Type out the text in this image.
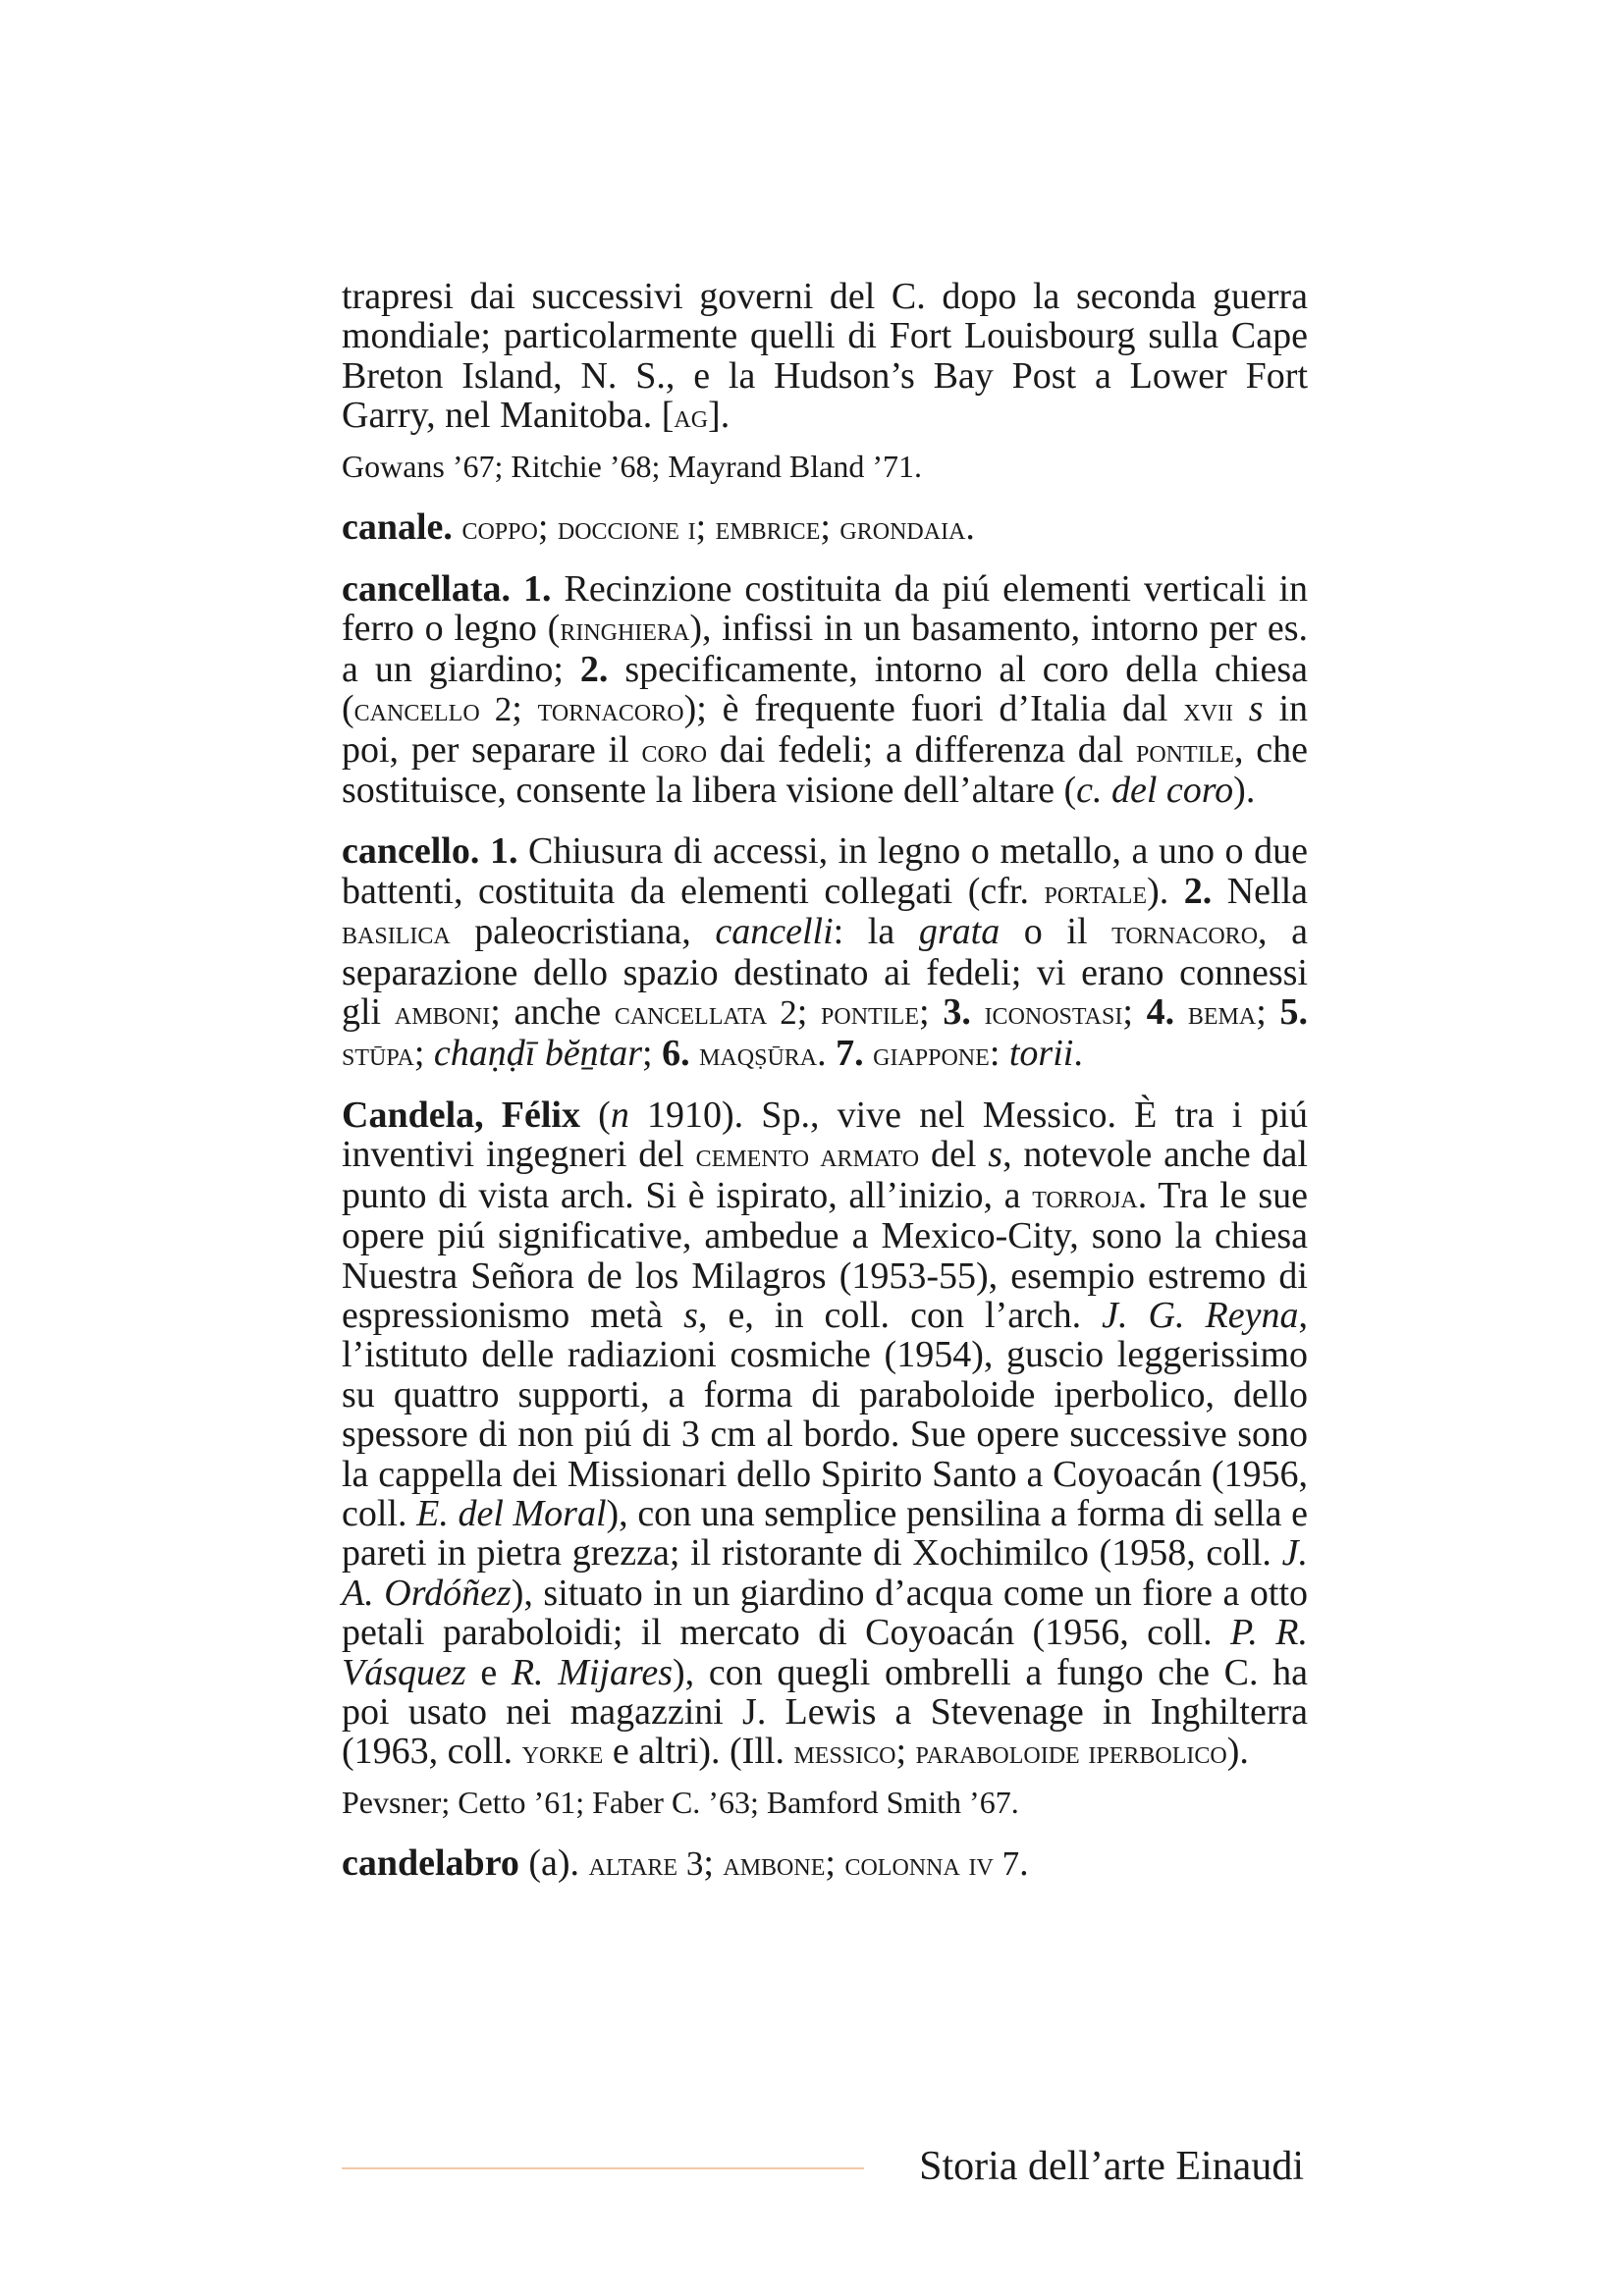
trapresi dai successivi governi del C. dopo la seconda guerra mondiale; particolarmente quelli di Fort Louisbourg sulla Cape Breton Island, N. S., e la Hudson’s Bay Post a Lower Fort Garry, nel Manitoba. [ag].

Gowans ’67; Ritchie ’68; Mayrand Bland ’71.

canale. coppo; doccione i; embrice; grondaia.

cancellata. 1. Recinzione costituita da piú elementi verticali in ferro o legno (ringhiera), infissi in un basamento, intorno per es. a un giardino; 2. specificamente, intorno al coro della chiesa (cancello 2; tornacoro); è frequente fuori d’Italia dal xvii s in poi, per separare il coro dai fedeli; a differenza dal pontile, che sostituisce, consente la libera visione dell’altare (c. del coro).

cancello. 1. Chiusura di accessi, in legno o metallo, a uno o due battenti, costituita da elementi collegati (cfr. portale). 2. Nella basilica paleocristiana, cancelli: la grata o il tornacoro, a separazione dello spazio destinato ai fedeli; vi erano connessi gli amboni; anche cancellata 2; pontile; 3. iconostasi; 4. bema; 5. stūpa; chaṇḍī bĕṉtar; 6. maqṣūra. 7. giappone: torii.

Candela, Félix (n 1910). Sp., vive nel Messico. È tra i piú inventivi ingegneri del cemento armato del s, notevole anche dal punto di vista arch. Si è ispirato, all’inizio, a torroja. Tra le sue opere piú significative, ambedue a Mexico-City, sono la chiesa Nuestra Señora de los Milagros (1953-55), esempio estremo di espressionismo metà s, e, in coll. con l’arch. J. G. Reyna, l’istituto delle radiazioni cosmiche (1954), guscio leggerissimo su quattro supporti, a forma di paraboloide iperbolico, dello spessore di non piú di 3 cm al bordo. Sue opere successive sono la cappella dei Missionari dello Spirito Santo a Coyoacán (1956, coll. E. del Moral), con una semplice pensilina a forma di sella e pareti in pietra grezza; il ristorante di Xochimilco (1958, coll. J. A. Ordóñez), situato in un giardino d’acqua come un fiore a otto petali paraboloidi; il mercato di Coyoacán (1956, coll. P. R. Vásquez e R. Mijares), con quegli ombrelli a fungo che C. ha poi usato nei magazzini J. Lewis a Stevenage in Inghilterra (1963, coll. yorke e altri). (Ill. messico; paraboloide iperbolico).

Pevsner; Cetto ’61; Faber C. ’63; Bamford Smith ’67.

candelabro (a). altare 3; ambone; colonna iv 7.

Storia dell’arte Einaudi
